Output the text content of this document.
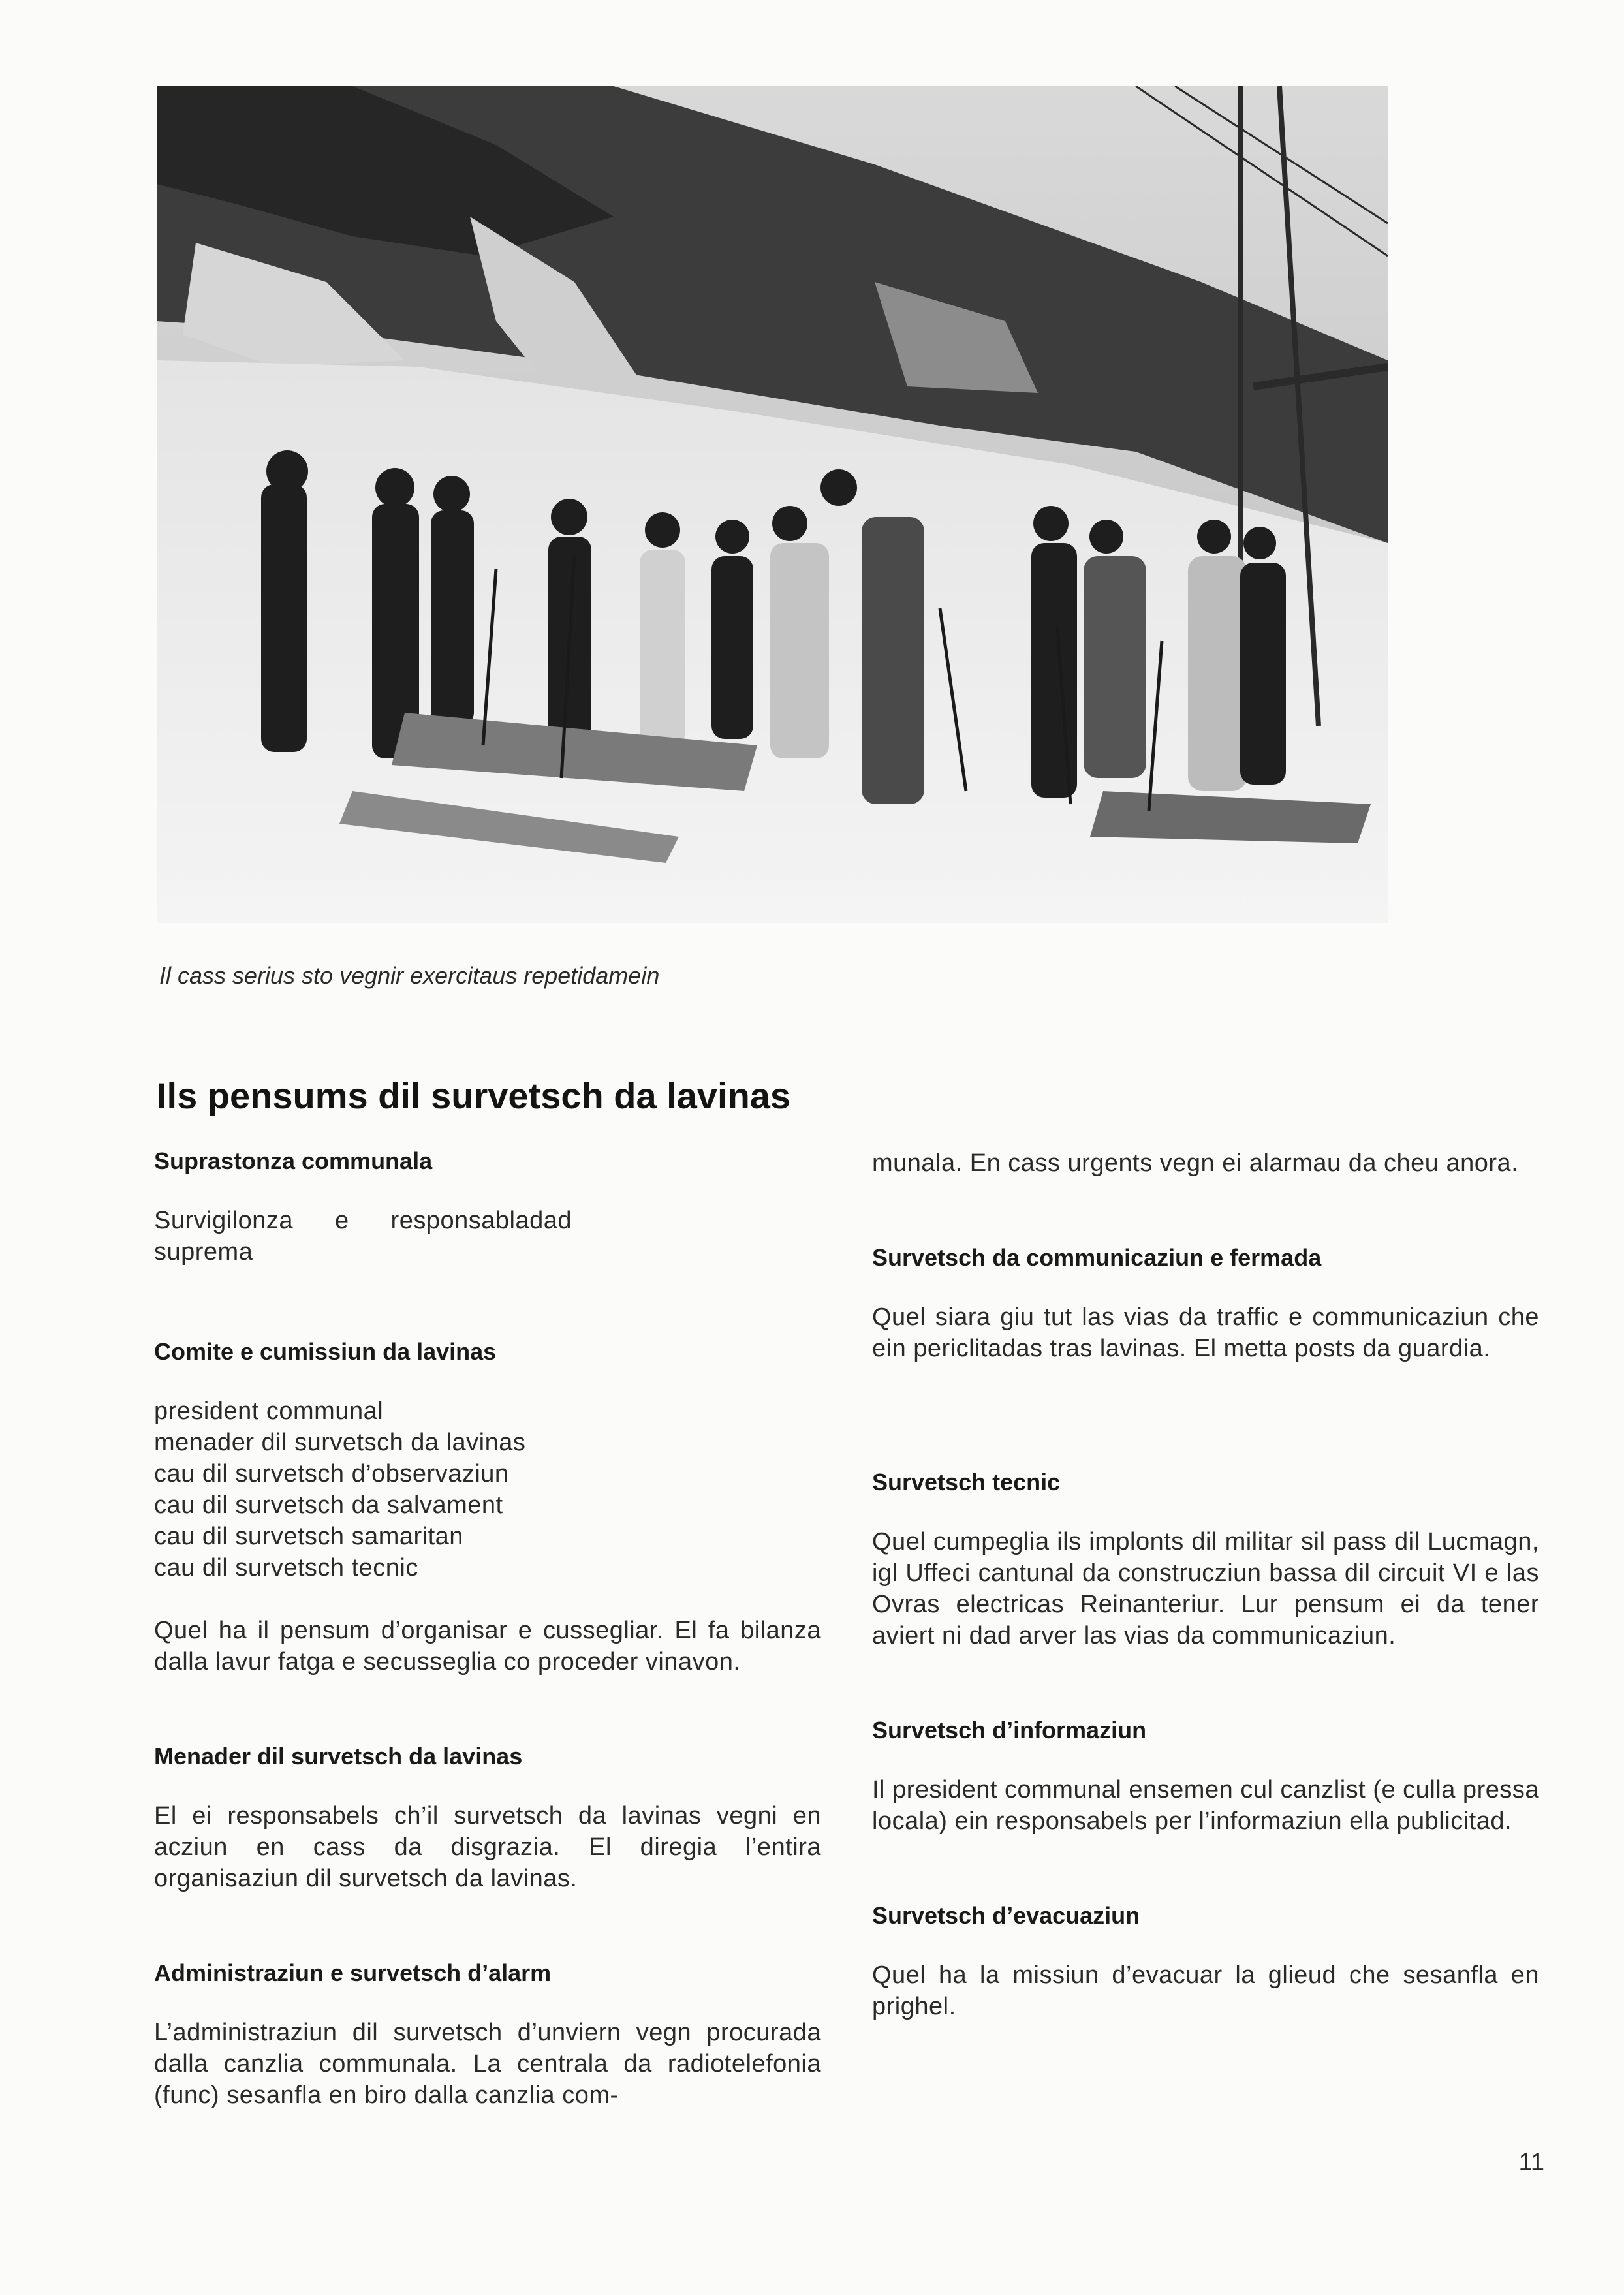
Il cass serius sto vegnir exercitaus repetidamein
Ils pensums dil survetsch da lavinas
Suprastonza communala

Survigilonza e responsabladad suprema

Comite e cumissiun da lavinas

president communal

menader dil survetsch da lavinas

cau dil survetsch d’observaziun

cau dil survetsch da salvament

cau dil survetsch samaritan

cau dil survetsch tecnic

Quel ha il pensum d’organisar e cussegliar. El fa bilanza dalla lavur fatga e secusseglia co proceder vinavon.

Menader dil survetsch da lavinas

El ei responsabels ch’il survetsch da lavinas vegni en acziun en cass da disgrazia. El diregia l’entira organisaziun dil survetsch da lavinas.

Administraziun e survetsch d’alarm

L’administraziun dil survetsch d’unviern vegn procurada dalla canzlia communala. La centrala da radiotelefonia (func) sesanfla en biro dalla canzlia com-

munala. En cass urgents vegn ei alarmau da cheu anora.

Survetsch da communicaziun e fermada

Quel siara giu tut las vias da traffic e communicaziun che ein periclitadas tras lavinas. El metta posts da guardia.

Survetsch tecnic

Quel cumpeglia ils implonts dil militar sil pass dil Lucmagn, igl Uffeci cantunal da construcziun bassa dil circuit VI e las Ovras electricas Reinanteriur. Lur pensum ei da tener aviert ni dad arver las vias da communicaziun.

Survetsch d’informaziun

Il president communal ensemen cul canzlist (e culla pressa locala) ein responsabels per l’informaziun ella publicitad.

Survetsch d’evacuaziun

Quel ha la missiun d’evacuar la glieud che sesanfla en prighel.

11
